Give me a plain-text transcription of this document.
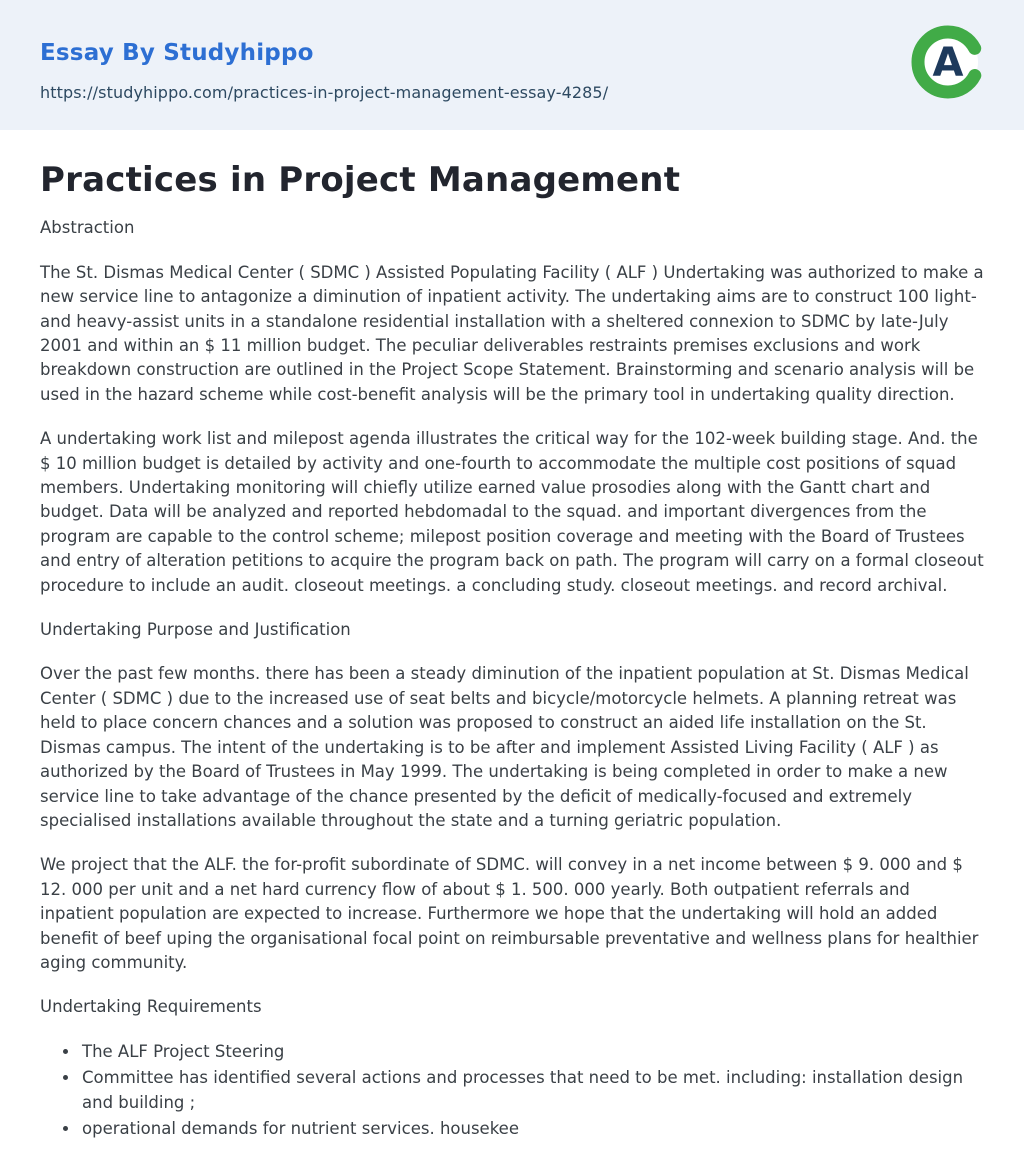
Essay By Studyhippo
https://studyhippo.com/practices-in-project-management-essay-4285/
A
Practices in Project Management

Abstraction

The St. Dismas Medical Center ( SDMC ) Assisted Populating Facility ( ALF ) Undertaking was authorized to make a new service line to antagonize a diminution of inpatient activity. The undertaking aims are to construct 100 light- and heavy-assist units in a standalone residential installation with a sheltered connexion to SDMC by late-July 2001 and within an $ 11 million budget. The peculiar deliverables restraints premises exclusions and work breakdown construction are outlined in the Project Scope Statement. Brainstorming and scenario analysis will be used in the hazard scheme while cost-benefit analysis will be the primary tool in undertaking quality direction.

A undertaking work list and milepost agenda illustrates the critical way for the 102-week building stage. And. the $ 10 million budget is detailed by activity and one-fourth to accommodate the multiple cost positions of squad members. Undertaking monitoring will chiefly utilize earned value prosodies along with the Gantt chart and budget. Data will be analyzed and reported hebdomadal to the squad. and important divergences from the program are capable to the control scheme; milepost position coverage and meeting with the Board of Trustees and entry of alteration petitions to acquire the program back on path. The program will carry on a formal closeout procedure to include an audit. closeout meetings. a concluding study. closeout meetings. and record archival.

Undertaking Purpose and Justification

Over the past few months. there has been a steady diminution of the inpatient population at St. Dismas Medical Center ( SDMC ) due to the increased use of seat belts and bicycle/motorcycle helmets. A planning retreat was held to place concern chances and a solution was proposed to construct an aided life installation on the St. Dismas campus. The intent of the undertaking is to be after and implement Assisted Living Facility ( ALF ) as authorized by the Board of Trustees in May 1999. The undertaking is being completed in order to make a new service line to take advantage of the chance presented by the deficit of medically-focused and extremely specialised installations available throughout the state and a turning geriatric population.

We project that the ALF. the for-profit subordinate of SDMC. will convey in a net income between $ 9. 000 and $ 12. 000 per unit and a net hard currency flow of about $ 1. 500. 000 yearly. Both outpatient referrals and inpatient population are expected to increase. Furthermore we hope that the undertaking will hold an added benefit of beef uping the organisational focal point on reimbursable preventative and wellness plans for healthier aging community.

Undertaking Requirements

• The ALF Project Steering
• Committee has identified several actions and processes that need to be met. including: installation design and building ;
• operational demands for nutrient services. housekee
